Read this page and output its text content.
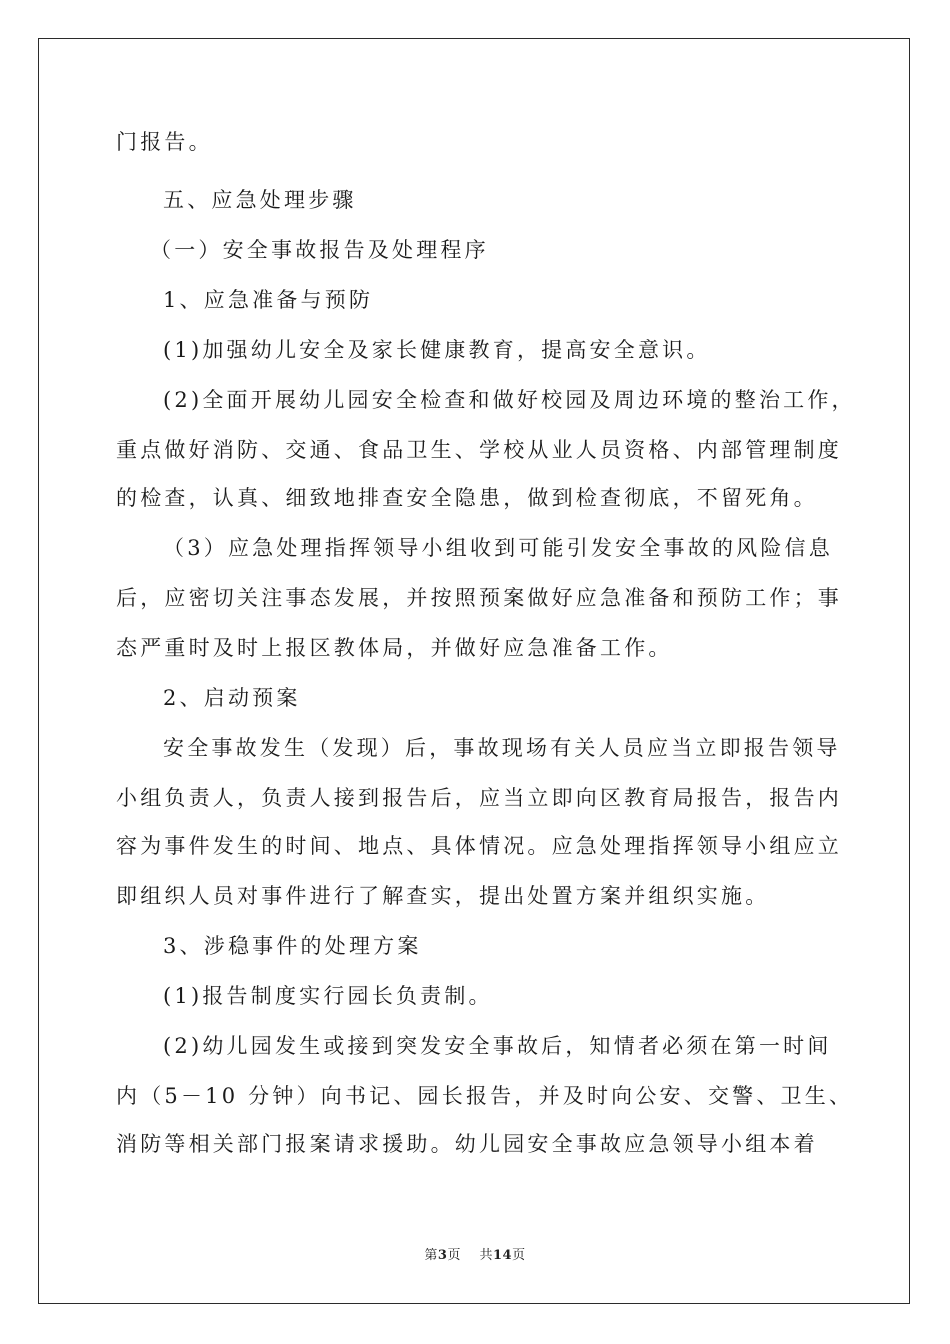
门报告。
五、应急处理步骤
（一）安全事故报告及处理程序
1、应急准备与预防
(1)加强幼儿安全及家长健康教育，提高安全意识。
(2)全面开展幼儿园安全检查和做好校园及周边环境的整治工作，
重点做好消防、交通、食品卫生、学校从业人员资格、内部管理制度
的检查，认真、细致地排查安全隐患，做到检查彻底，不留死角。
（3）应急处理指挥领导小组收到可能引发安全事故的风险信息
后，应密切关注事态发展，并按照预案做好应急准备和预防工作；事
态严重时及时上报区教体局，并做好应急准备工作。
2、启动预案
安全事故发生（发现）后，事故现场有关人员应当立即报告领导
小组负责人，负责人接到报告后，应当立即向区教育局报告，报告内
容为事件发生的时间、地点、具体情况。应急处理指挥领导小组应立
即组织人员对事件进行了解查实，提出处置方案并组织实施。
3、涉稳事件的处理方案
(1)报告制度实行园长负责制。
(2)幼儿园发生或接到突发安全事故后，知情者必须在第一时间
内（5－10 分钟）向书记、园长报告，并及时向公安、交警、卫生、
消防等相关部门报案请求援助。幼儿园安全事故应急领导小组本着
第3页 共14页
